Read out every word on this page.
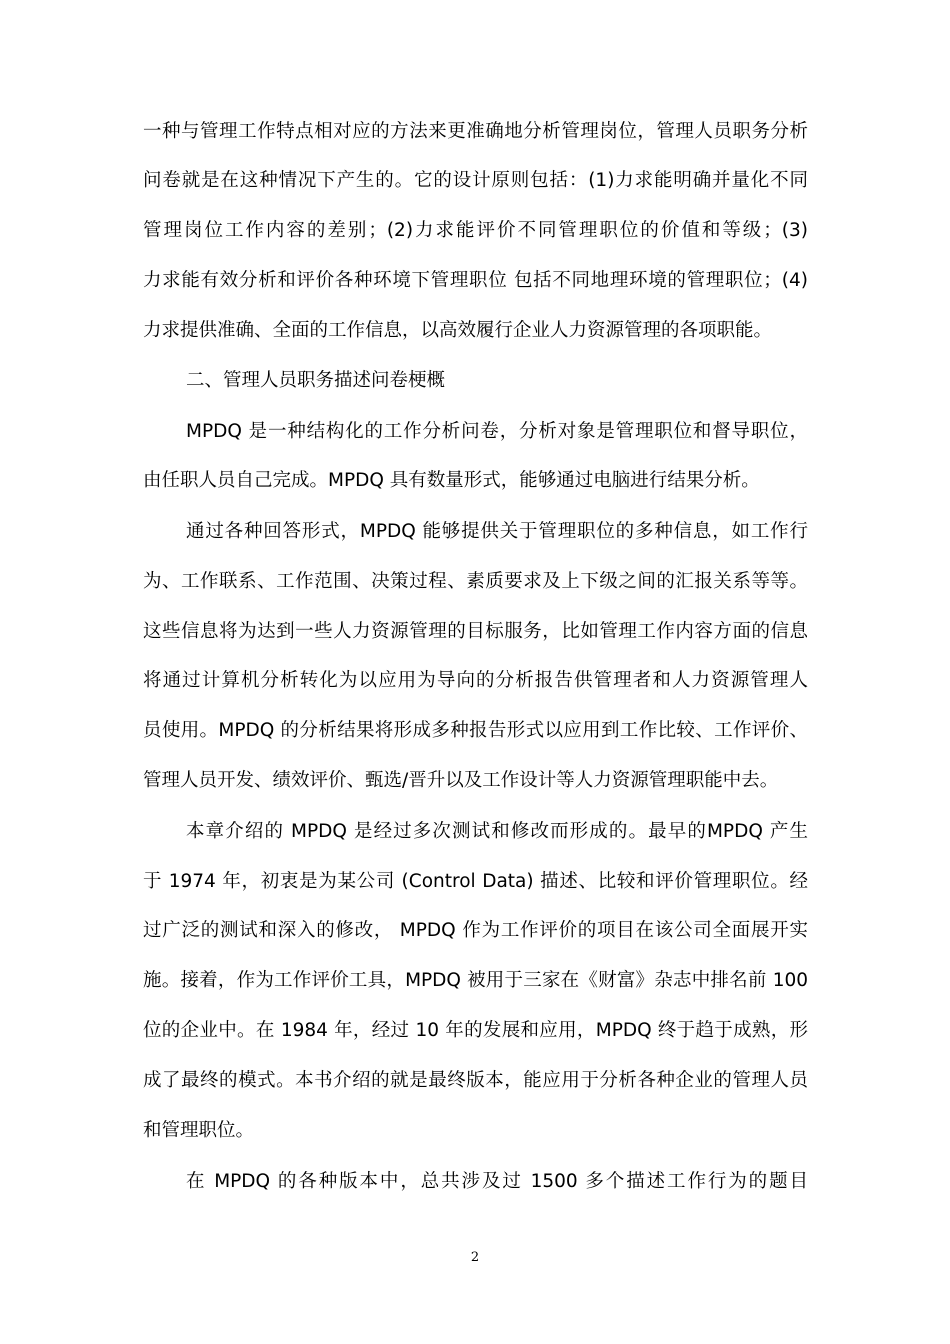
一种与管理工作特点相对应的方法来更准确地分析管理岗位，管理人员职务分析
问卷就是在这种情况下产生的。它的设计原则包括：(1)力求能明确并量化不同
管理岗位工作内容的差别；(2)力求能评价不同管理职位的价值和等级；(3)
力求能有效分析和评价各种环境下管理职位 包括不同地理环境的管理职位；(4)
力求提供准确、全面的工作信息，以高效履行企业人力资源管理的各项职能。
二、管理人员职务描述问卷梗概
MPDQ 是一种结构化的工作分析问卷，分析对象是管理职位和督导职位，
由任职人员自己完成。MPDQ 具有数量形式，能够通过电脑进行结果分析。
通过各种回答形式，MPDQ 能够提供关于管理职位的多种信息，如工作行
为、工作联系、工作范围、决策过程、素质要求及上下级之间的汇报关系等等。
这些信息将为达到一些人力资源管理的目标服务，比如管理工作内容方面的信息
将通过计算机分析转化为以应用为导向的分析报告供管理者和人力资源管理人
员使用。MPDQ 的分析结果将形成多种报告形式以应用到工作比较、工作评价、
管理人员开发、绩效评价、甄选/晋升以及工作设计等人力资源管理职能中去。
本章介绍的 MPDQ 是经过多次测试和修改而形成的。最早的MPDQ 产生
于 1974 年，初衷是为某公司 (Control Data) 描述、比较和评价管理职位。经
过广泛的测试和深入的修改， MPDQ 作为工作评价的项目在该公司全面展开实
施。接着，作为工作评价工具，MPDQ 被用于三家在《财富》杂志中排名前 100
位的企业中。在 1984 年，经过 10 年的发展和应用，MPDQ 终于趋于成熟，形
成了最终的模式。本书介绍的就是最终版本，能应用于分析各种企业的管理人员
和管理职位。
在 MPDQ 的各种版本中，总共涉及过 1500 多个描述工作行为的题目
2
